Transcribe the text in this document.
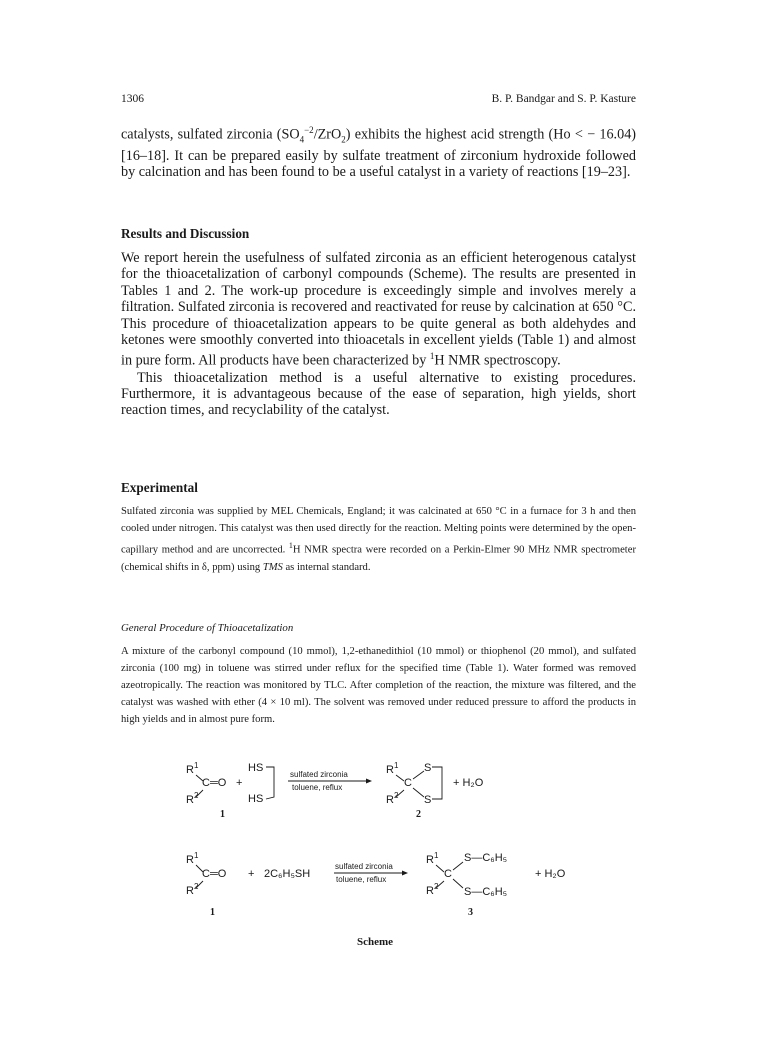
1306	B. P. Bandgar and S. P. Kasture

catalysts, sulfated zirconia $(SO_4^{-2}/ZrO_2)$ exhibits the highest acid strength (Ho < − 16.04) [16–18]. It can be prepared easily by sulfate treatment of zirconium hydroxide followed by calcination and has been found to be a useful catalyst in a variety of reactions [19–23].

Results and Discussion

We report herein the usefulness of sulfated zirconia as an efficient heterogenous catalyst for the thioacetalization of carbonyl compounds (Scheme). The results are presented in Tables 1 and 2. The work-up procedure is exceedingly simple and involves merely a filtration. Sulfated zirconia is recovered and reactivated for reuse by calcination at 650 °C. This procedure of thioacetalization appears to be quite general as both aldehydes and ketones were smoothly converted into thioacetals in excellent yields (Table 1) and almost in pure form. All products have been characterized by $^1$H NMR spectroscopy.

This thioacetalization method is a useful alternative to existing procedures. Furthermore, it is advantageous because of the ease of separation, high yields, short reaction times, and recyclability of the catalyst.

Experimental

Sulfated zirconia was supplied by MEL Chemicals, England; it was calcinated at 650 °C in a furnace for 3 h and then cooled under nitrogen. This catalyst was then used directly for the reaction. Melting points were determined by the open-capillary method and are uncorrected. $^1$H NMR spectra were recorded on a Perkin-Elmer 90 MHz NMR spectrometer (chemical shifts in δ, ppm) using TMS as internal standard.

General Procedure of Thioacetalization
A mixture of the carbonyl compound (10 mmol), 1,2-ethanedithiol (10 mmol) or thiophenol (20 mmol), and sulfated zirconia (100 mg) in toluene was stirred under reflux for the specified time (Table 1). Water formed was removed azeotropically. The reaction was monitored by TLC. After completion of the reaction, the mixture was filtered, and the catalyst was washed with ether (4 × 10 ml). The solvent was removed under reduced pressure to afford the products in high yields and in almost pure form.
$R^1$
C═O
$R^2$
+
HS
HS
sulfated zirconia
toluene, reflux
$R^1$
C
$R^2$
S
S
+ H₂O
1	2
$R^1$
C═O
$R^2$
+ 2C₆H₅SH
sulfated zirconia
toluene, reflux
$R^1$
C
$R^2$
S—C₆H₅
S—C₆H₅
+ H₂O
1	3
Scheme
